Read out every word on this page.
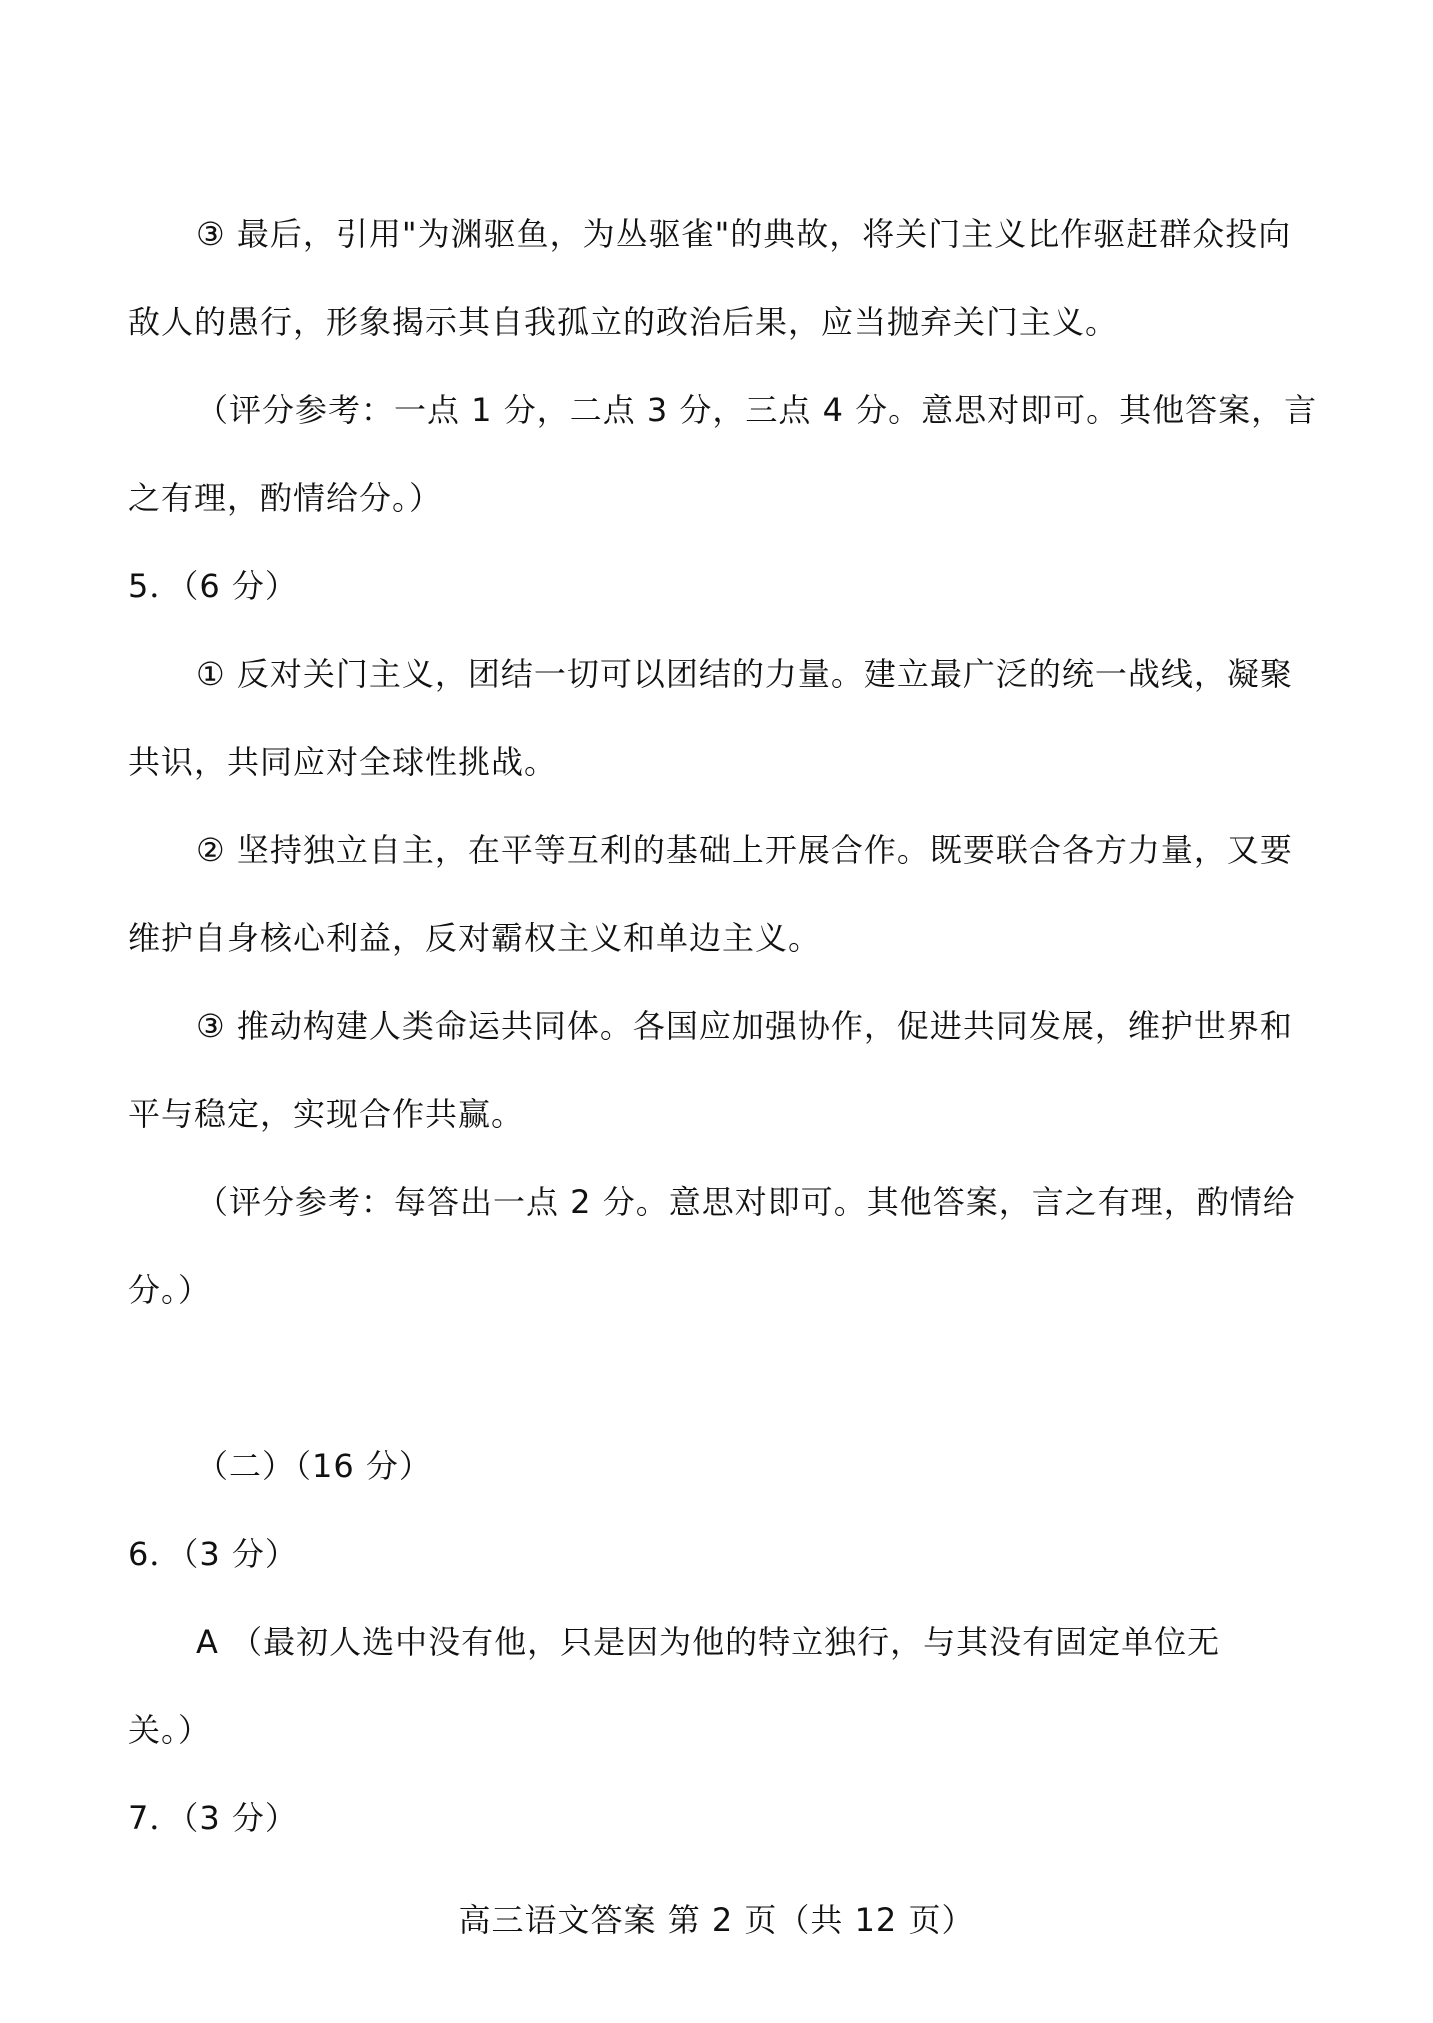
③ 最后，引用"为渊驱鱼，为丛驱雀"的典故，将关门主义比作驱赶群众投向
敌人的愚行，形象揭示其自我孤立的政治后果，应当抛弃关门主义。
（评分参考：一点 1 分，二点 3 分，三点 4 分。意思对即可。其他答案，言
之有理，酌情给分。）
5．（6 分）
① 反对关门主义，团结一切可以团结的力量。建立最广泛的统一战线，凝聚
共识，共同应对全球性挑战。
② 坚持独立自主，在平等互利的基础上开展合作。既要联合各方力量，又要
维护自身核心利益，反对霸权主义和单边主义。
③ 推动构建人类命运共同体。各国应加强协作，促进共同发展，维护世界和
平与稳定，实现合作共赢。
（评分参考：每答出一点 2 分。意思对即可。其他答案，言之有理，酌情给
分。）
（二）（16 分）
6．（3 分）
A （最初人选中没有他，只是因为他的特立独行，与其没有固定单位无
关。）
7．（3 分）
高三语文答案 第 2 页（共 12 页）
